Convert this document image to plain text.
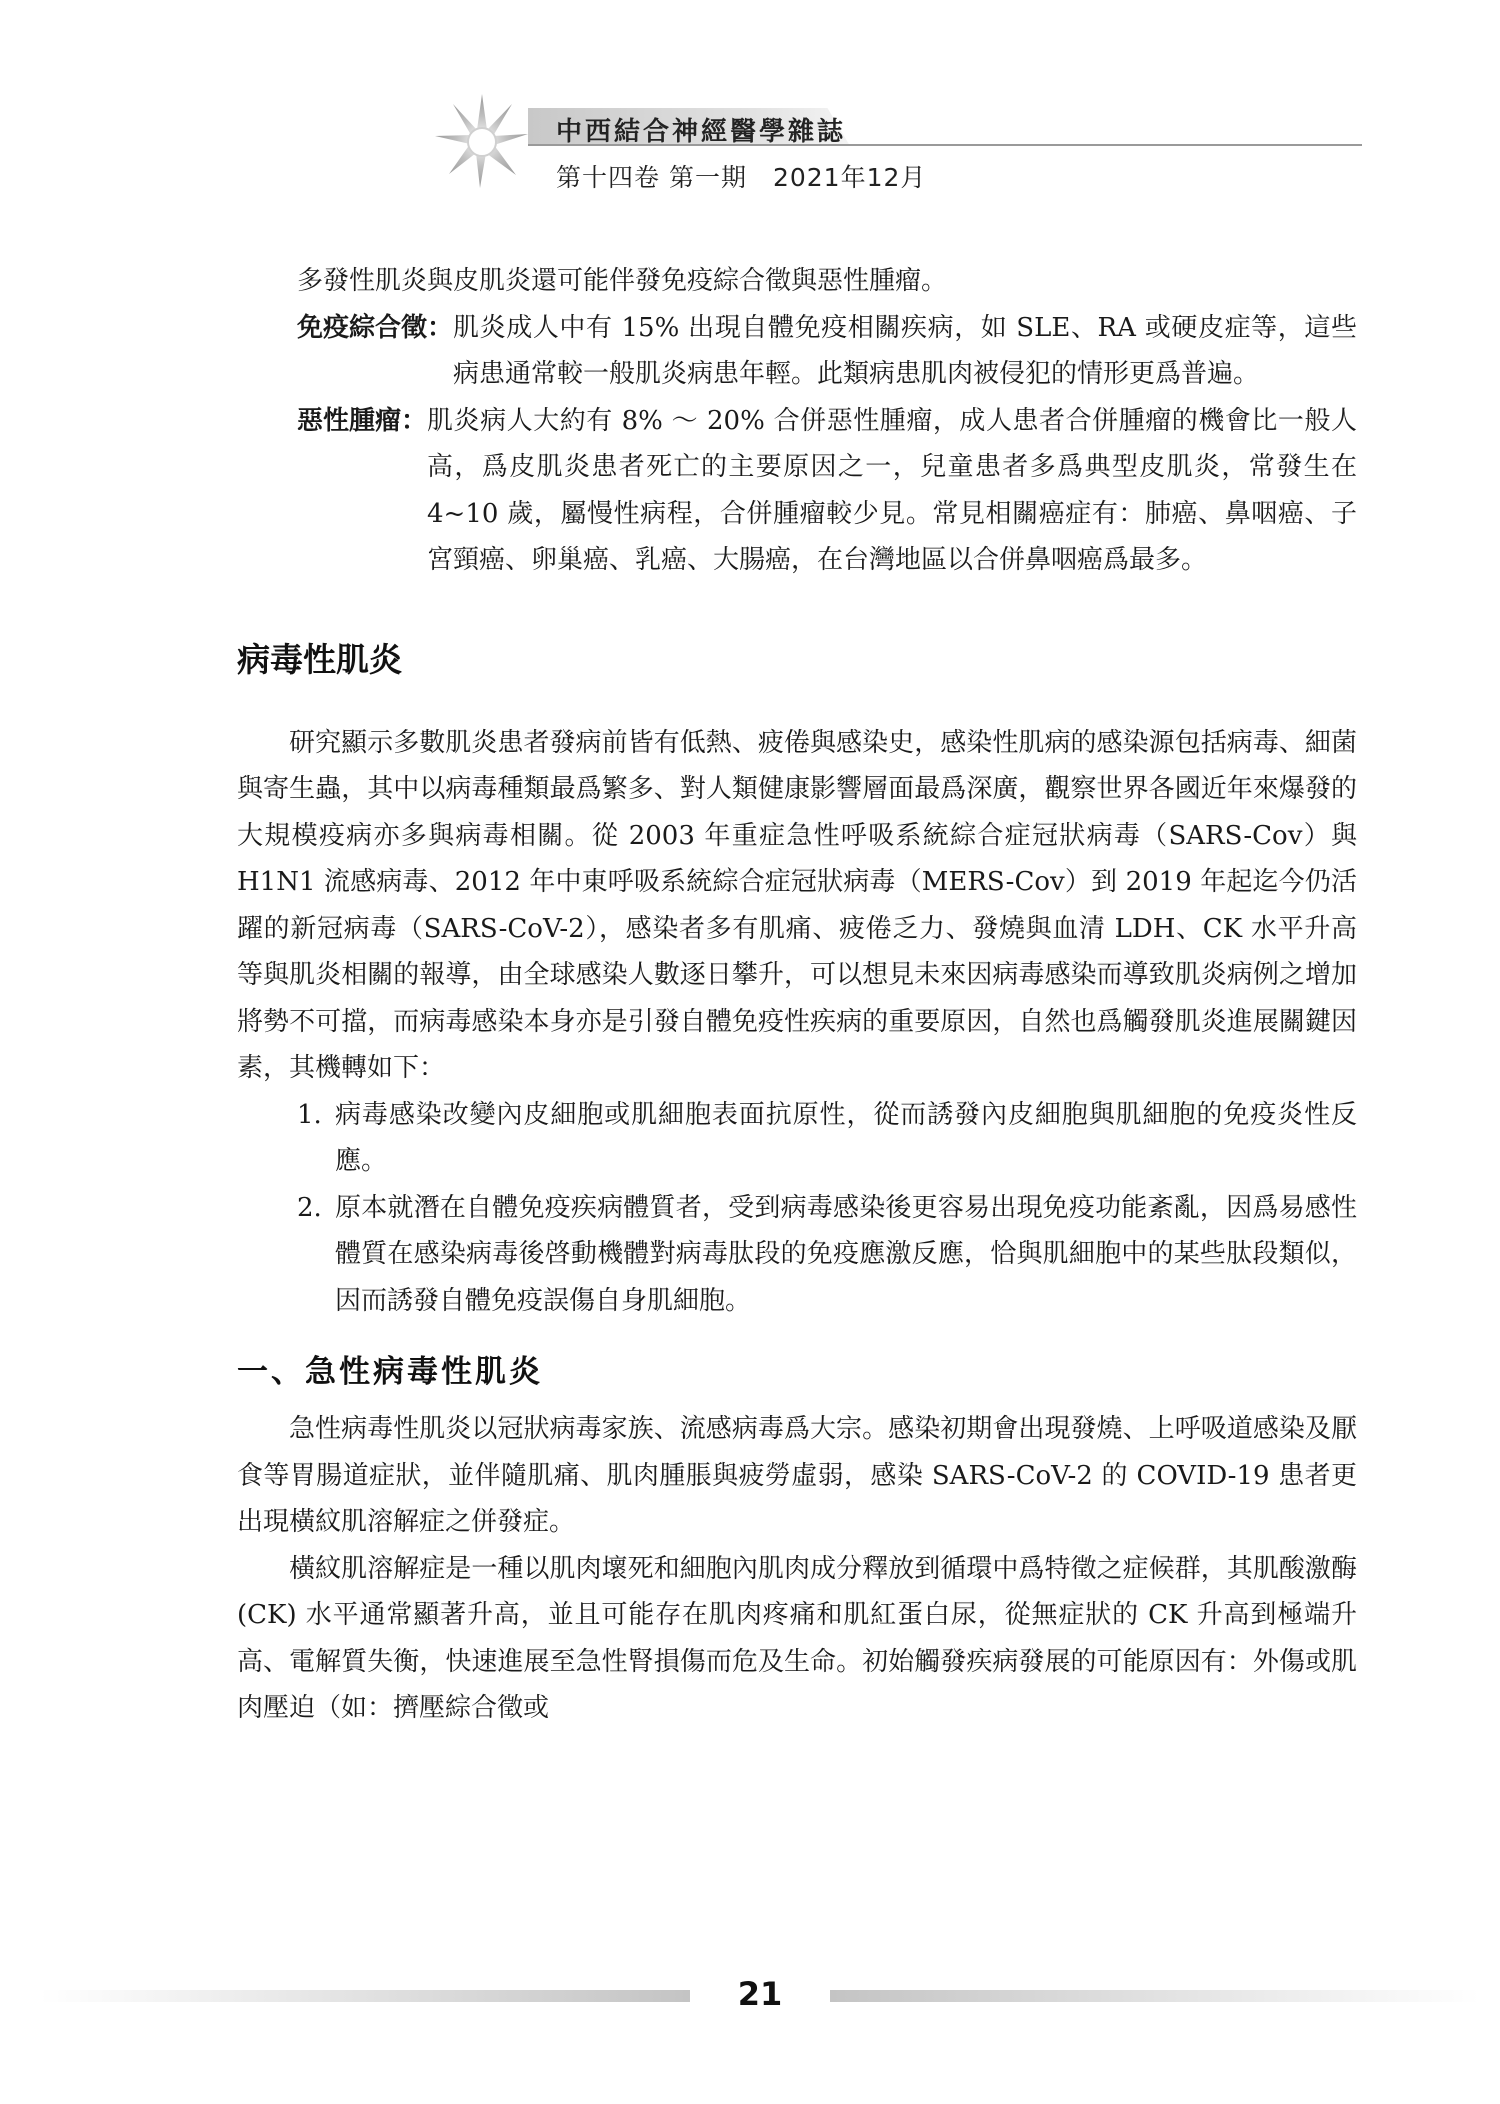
中西結合神經醫學雜誌
第十四卷 第一期　2021年12月

多發性肌炎與皮肌炎還可能伴發免疫綜合徵與惡性腫瘤。

免疫綜合徵： 肌炎成人中有 15% 出現自體免疫相關疾病，如 SLE、RA 或硬皮症等，這些病患通常較一般肌炎病患年輕。此類病患肌肉被侵犯的情形更爲普遍。
惡性腫瘤： 肌炎病人大約有 8% ～ 20% 合併惡性腫瘤，成人患者合併腫瘤的機會比一般人高，爲皮肌炎患者死亡的主要原因之一，兒童患者多爲典型皮肌炎，常發生在 4~10 歲，屬慢性病程，合併腫瘤較少見。常見相關癌症有：肺癌、鼻咽癌、子宮頸癌、卵巢癌、乳癌、大腸癌，在台灣地區以合併鼻咽癌爲最多。
病毒性肌炎

研究顯示多數肌炎患者發病前皆有低熱、疲倦與感染史，感染性肌病的感染源包括病毒、細菌與寄生蟲，其中以病毒種類最爲繁多、對人類健康影響層面最爲深廣，觀察世界各國近年來爆發的大規模疫病亦多與病毒相關。從 2003 年重症急性呼吸系統綜合症冠狀病毒（SARS-Cov）與 H1N1 流感病毒、2012 年中東呼吸系統綜合症冠狀病毒（MERS-Cov）到 2019 年起迄今仍活躍的新冠病毒（SARS-CoV-2），感染者多有肌痛、疲倦乏力、發燒與血清 LDH、CK 水平升高等與肌炎相關的報導，由全球感染人數逐日攀升，可以想見未來因病毒感染而導致肌炎病例之增加將勢不可擋，而病毒感染本身亦是引發自體免疫性疾病的重要原因，自然也爲觸發肌炎進展關鍵因素，其機轉如下：

1. 病毒感染改變內皮細胞或肌細胞表面抗原性，從而誘發內皮細胞與肌細胞的免疫炎性反應。
2. 原本就潛在自體免疫疾病體質者，受到病毒感染後更容易出現免疫功能紊亂，因爲易感性體質在感染病毒後啓動機體對病毒肽段的免疫應激反應，恰與肌細胞中的某些肽段類似，因而誘發自體免疫誤傷自身肌細胞。
一、急性病毒性肌炎

急性病毒性肌炎以冠狀病毒家族、流感病毒爲大宗。感染初期會出現發燒、上呼吸道感染及厭食等胃腸道症狀，並伴隨肌痛、肌肉腫脹與疲勞虛弱，感染 SARS-CoV-2 的 COVID-19 患者更出現橫紋肌溶解症之併發症。

橫紋肌溶解症是一種以肌肉壞死和細胞內肌肉成分釋放到循環中爲特徵之症候群，其肌酸激酶 (CK) 水平通常顯著升高，並且可能存在肌肉疼痛和肌紅蛋白尿，從無症狀的 CK 升高到極端升高、電解質失衡，快速進展至急性腎損傷而危及生命。初始觸發疾病發展的可能原因有：外傷或肌肉壓迫（如：擠壓綜合徵或

21
